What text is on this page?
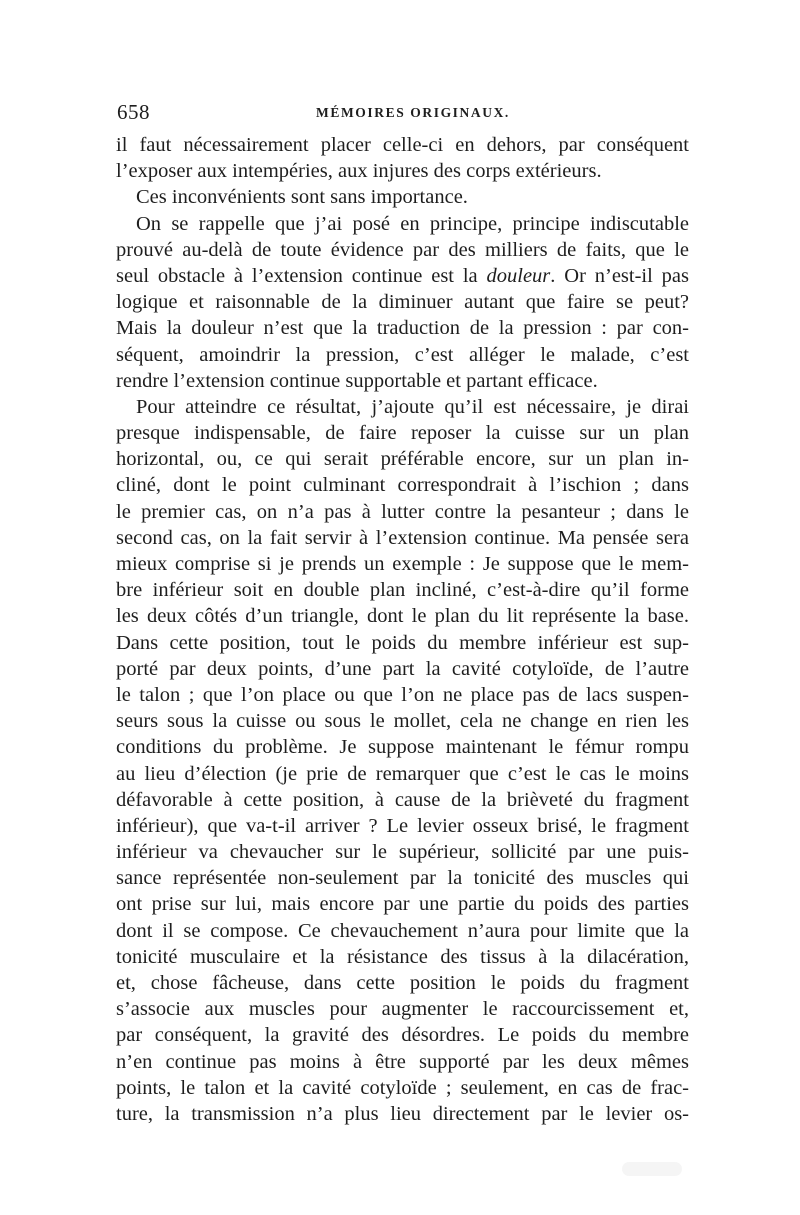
658	MÉMOIRES ORIGINAUX.
il faut nécessairement placer celle-ci en dehors, par conséquent
l’exposer aux intempéries, aux injures des corps extérieurs.
Ces inconvénients sont sans importance.
On se rappelle que j’ai posé en principe, principe indiscutable
prouvé au-delà de toute évidence par des milliers de faits, que le
seul obstacle à l’extension continue est la douleur. Or n’est-il pas
logique et raisonnable de la diminuer autant que faire se peut?
Mais la douleur n’est que la traduction de la pression : par con-
séquent, amoindrir la pression, c’est alléger le malade, c’est
rendre l’extension continue supportable et partant efficace.
Pour atteindre ce résultat, j’ajoute qu’il est nécessaire, je dirai
presque indispensable, de faire reposer la cuisse sur un plan
horizontal, ou, ce qui serait préférable encore, sur un plan in-
cliné, dont le point culminant correspondrait à l’ischion ; dans
le premier cas, on n’a pas à lutter contre la pesanteur ; dans le
second cas, on la fait servir à l’extension continue. Ma pensée sera
mieux comprise si je prends un exemple : Je suppose que le mem-
bre inférieur soit en double plan incliné, c’est-à-dire qu’il forme
les deux côtés d’un triangle, dont le plan du lit représente la base.
Dans cette position, tout le poids du membre inférieur est sup-
porté par deux points, d’une part la cavité cotyloïde, de l’autre
le talon ; que l’on place ou que l’on ne place pas de lacs suspen-
seurs sous la cuisse ou sous le mollet, cela ne change en rien les
conditions du problème. Je suppose maintenant le fémur rompu
au lieu d’élection (je prie de remarquer que c’est le cas le moins
défavorable à cette position, à cause de la brièveté du fragment
inférieur), que va-t-il arriver ? Le levier osseux brisé, le fragment
inférieur va chevaucher sur le supérieur, sollicité par une puis-
sance représentée non-seulement par la tonicité des muscles qui
ont prise sur lui, mais encore par une partie du poids des parties
dont il se compose. Ce chevauchement n’aura pour limite que la
tonicité musculaire et la résistance des tissus à la dilacération,
et, chose fâcheuse, dans cette position le poids du fragment
s’associe aux muscles pour augmenter le raccourcissement et,
par conséquent, la gravité des désordres. Le poids du membre
n’en continue pas moins à être supporté par les deux mêmes
points, le talon et la cavité cotyloïde ; seulement, en cas de frac-
ture, la transmission n’a plus lieu directement par le levier os-
